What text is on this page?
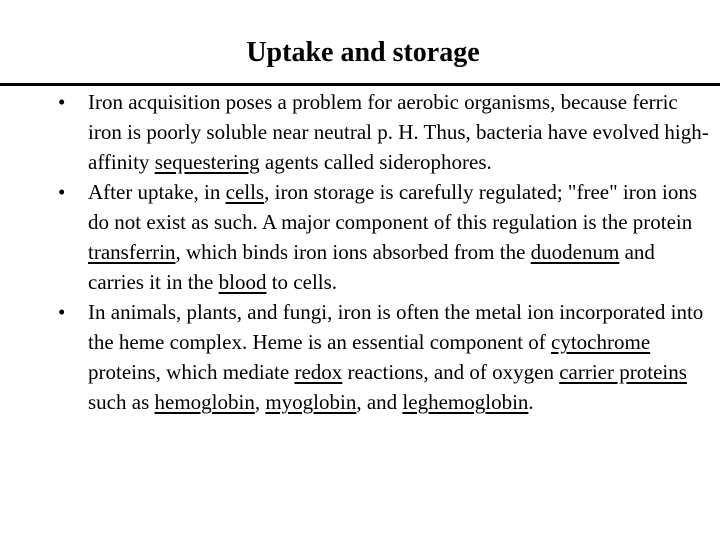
Uptake and storage
•	Iron acquisition poses a problem for aerobic organisms, because ferric iron is poorly soluble near neutral p. H. Thus, bacteria have evolved high-affinity sequestering agents called siderophores.
•	After uptake, in cells, iron storage is carefully regulated; "free" iron ions do not exist as such. A major component of this regulation is the protein transferrin, which binds iron ions absorbed from the duodenum and carries it in the blood to cells.
•	In animals, plants, and fungi, iron is often the metal ion incorporated into the heme complex. Heme is an essential component of cytochrome proteins, which mediate redox reactions, and of oxygen carrier proteins such as hemoglobin, myoglobin, and leghemoglobin.
